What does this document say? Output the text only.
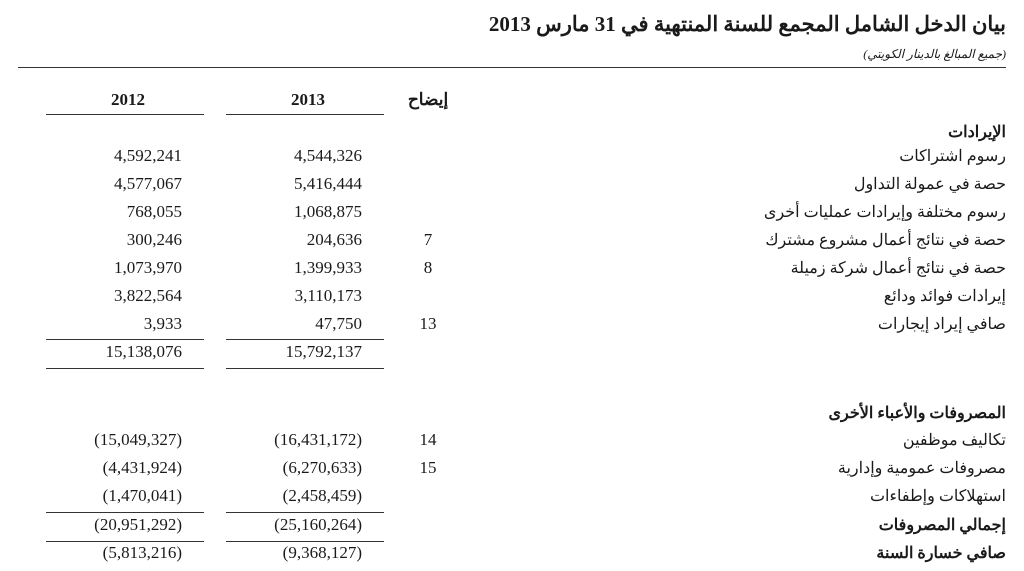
بيان الدخل الشامل المجمع للسنة المنتهية في 31 مارس 2013
(جميع المبالغ بالدينار الكويتي)
إيضاح
2013
2012
الإيرادات
رسوم اشتراكات
4,544,326
4,592,241
حصة في عمولة التداول
5,416,444
4,577,067
رسوم مختلفة وإيرادات عمليات أخرى
1,068,875
768,055
حصة في نتائج أعمال مشروع مشترك
7
204,636
300,246
حصة في نتائج أعمال شركة زميلة
8
1,399,933
1,073,970
إيرادات فوائد ودائع
3,110,173
3,822,564
صافي إيراد إيجارات
13
47,750
3,933
15,792,137
15,138,076
المصروفات والأعباء الأخرى
تكاليف موظفين
14
(16,431,172)
(15,049,327)
مصروفات عمومية وإدارية
15
(6,270,633)
(4,431,924)
استهلاكات وإطفاءات
(2,458,459)
(1,470,041)
إجمالي المصروفات
(25,160,264)
(20,951,292)
صافي خسارة السنة
(9,368,127)
(5,813,216)
